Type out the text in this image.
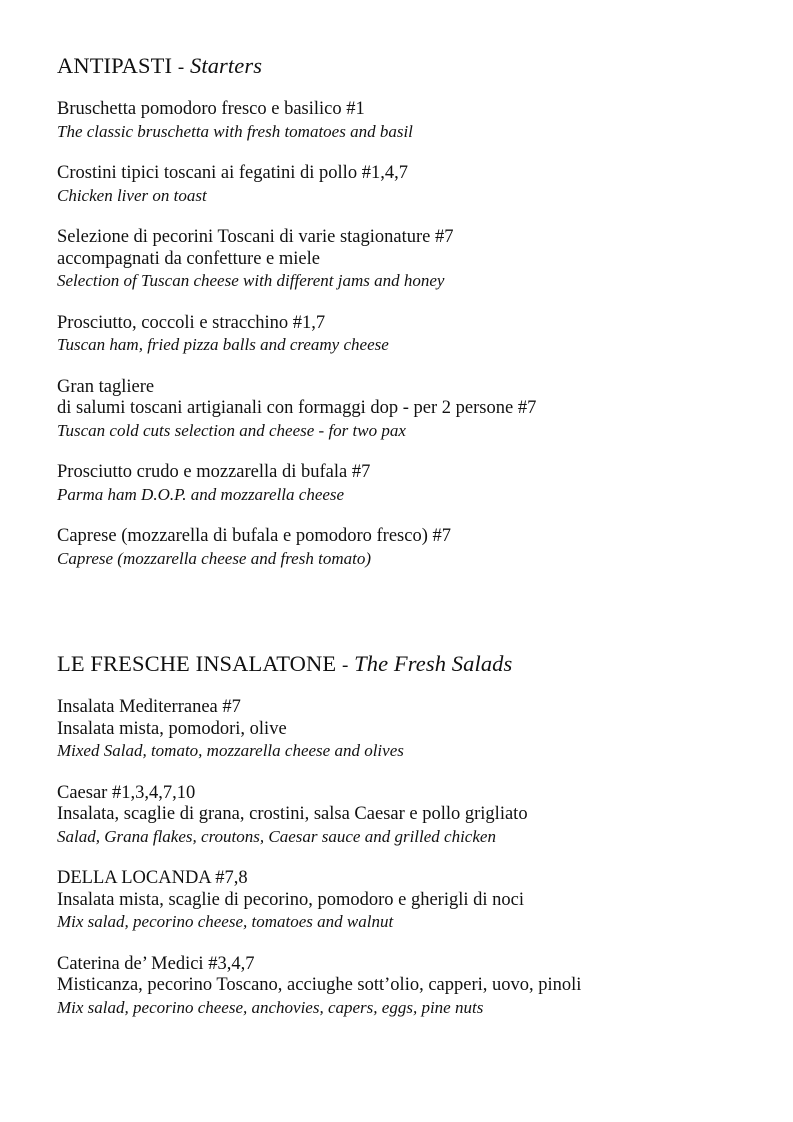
ANTIPASTI - Starters
Bruschetta pomodoro fresco e basilico #1
The classic bruschetta with fresh tomatoes and basil
Crostini tipici toscani ai fegatini di pollo #1,4,7
Chicken liver on toast
Selezione di pecorini Toscani di varie stagionature #7
accompagnati da confetture e miele
Selection of Tuscan cheese with different jams and honey
Prosciutto, coccoli e stracchino #1,7
Tuscan ham, fried pizza balls and creamy cheese
Gran tagliere
di salumi toscani artigianali con formaggi dop - per 2 persone #7
Tuscan cold cuts selection and cheese - for two pax
Prosciutto crudo e mozzarella di bufala #7
Parma ham D.O.P. and mozzarella cheese
Caprese (mozzarella di bufala e pomodoro fresco) #7
Caprese (mozzarella cheese and fresh tomato)
LE FRESCHE INSALATONE - The Fresh Salads
Insalata Mediterranea #7
Insalata mista, pomodori, olive
Mixed Salad, tomato, mozzarella cheese and olives
Caesar #1,3,4,7,10
Insalata, scaglie di grana, crostini, salsa Caesar e pollo grigliato
Salad, Grana flakes, croutons, Caesar sauce and grilled chicken
DELLA LOCANDA #7,8
Insalata mista, scaglie di pecorino, pomodoro e gherigli di noci
Mix salad, pecorino cheese, tomatoes and walnut
Caterina de’ Medici #3,4,7
Misticanza, pecorino Toscano, acciughe sott’olio, capperi, uovo, pinoli
Mix salad, pecorino cheese, anchovies, capers, eggs, pine nuts
